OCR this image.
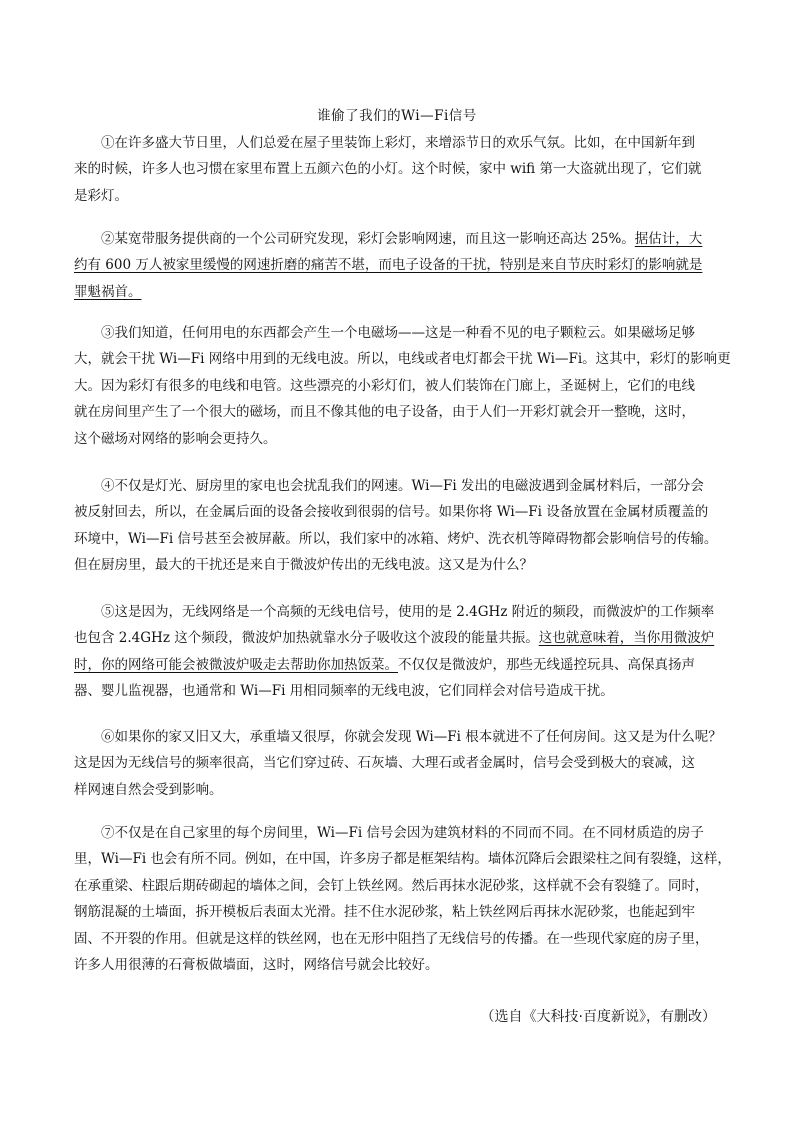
谁偷了我们的Wi—Fi信号
　　①在许多盛大节日里，人们总爱在屋子里装饰上彩灯，来增添节日的欢乐气氛。比如，在中国新年到
来的时候，许多人也习惯在家里布置上五颜六色的小灯。这个时候，家中 wifi 第一大盗就出现了，它们就
是彩灯。
　　②某宽带服务提供商的一个公司研究发现，彩灯会影响网速，而且这一影响还高达 25%。据估计，大
约有 600 万人被家里缓慢的网速折磨的痛苦不堪，而电子设备的干扰，特别是来自节庆时彩灯的影响就是
罪魁祸首。
　　③我们知道，任何用电的东西都会产生一个电磁场——这是一种看不见的电子颗粒云。如果磁场足够
大，就会干扰 Wi—Fi 网络中用到的无线电波。所以，电线或者电灯都会干扰 Wi—Fi。这其中，彩灯的影响更
大。因为彩灯有很多的电线和电管。这些漂亮的小彩灯们，被人们装饰在门廊上，圣诞树上，它们的电线
就在房间里产生了一个很大的磁场，而且不像其他的电子设备，由于人们一开彩灯就会开一整晚，这时，
这个磁场对网络的影响会更持久。
　　④不仅是灯光、厨房里的家电也会扰乱我们的网速。Wi—Fi 发出的电磁波遇到金属材料后，一部分会
被反射回去，所以，在金属后面的设备会接收到很弱的信号。如果你将 Wi—Fi 设备放置在金属材质覆盖的
环境中，Wi—Fi 信号甚至会被屏蔽。所以，我们家中的冰箱、烤炉、洗衣机等障碍物都会影响信号的传输。
但在厨房里，最大的干扰还是来自于微波炉传出的无线电波。这又是为什么？
　　⑤这是因为，无线网络是一个高频的无线电信号，使用的是 2.4GHz 附近的频段，而微波炉的工作频率
也包含 2.4GHz 这个频段，微波炉加热就靠水分子吸收这个波段的能量共振。这也就意味着，当你用微波炉
时，你的网络可能会被微波炉吸走去帮助你加热饭菜。不仅仅是微波炉，那些无线遥控玩具、高保真扬声
器、婴儿监视器，也通常和 Wi—Fi 用相同频率的无线电波，它们同样会对信号造成干扰。
　　⑥如果你的家又旧又大，承重墙又很厚，你就会发现 Wi—Fi 根本就进不了任何房间。这又是为什么呢？
这是因为无线信号的频率很高，当它们穿过砖、石灰墙、大理石或者金属时，信号会受到极大的衰减，这
样网速自然会受到影响。
　　⑦不仅是在自己家里的每个房间里，Wi—Fi 信号会因为建筑材料的不同而不同。在不同材质造的房子
里，Wi—Fi 也会有所不同。例如，在中国，许多房子都是框架结构。墙体沉降后会跟梁柱之间有裂缝，这样，
在承重梁、柱跟后期砖砌起的墙体之间，会钉上铁丝网。然后再抹水泥砂浆，这样就不会有裂缝了。同时，
钢筋混凝的土墙面，拆开模板后表面太光滑。挂不住水泥砂浆，粘上铁丝网后再抹水泥砂浆，也能起到牢
固、不开裂的作用。但就是这样的铁丝网，也在无形中阻挡了无线信号的传播。在一些现代家庭的房子里，
许多人用很薄的石膏板做墙面，这时，网络信号就会比较好。
（选自《大科技·百度新说》，有删改）
